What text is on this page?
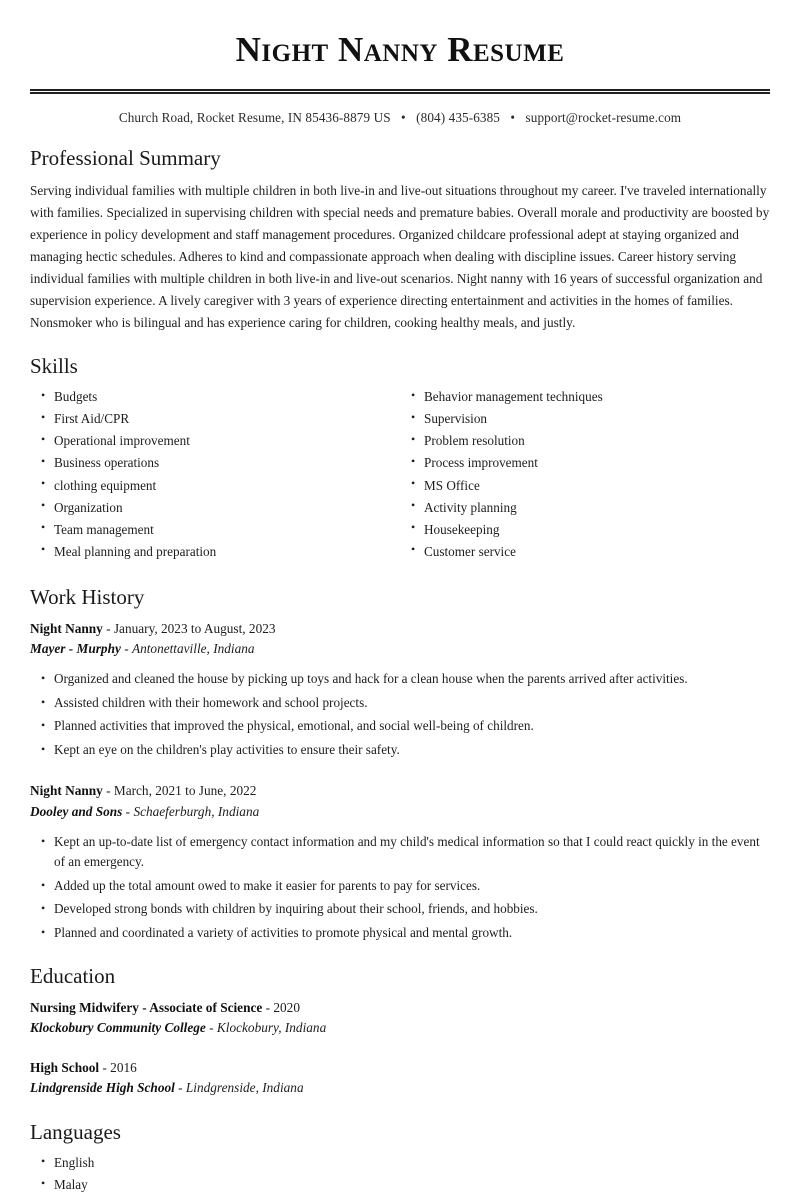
Night Nanny Resume
Church Road, Rocket Resume, IN 85436-8879 US • (804) 435-6385 • support@rocket-resume.com
Professional Summary

Serving individual families with multiple children in both live-in and live-out situations throughout my career. I've traveled internationally with families. Specialized in supervising children with special needs and premature babies. Overall morale and productivity are boosted by experience in policy development and staff management procedures. Organized childcare professional adept at staying organized and managing hectic schedules. Adheres to kind and compassionate approach when dealing with discipline issues. Career history serving individual families with multiple children in both live-in and live-out scenarios. Night nanny with 16 years of successful organization and supervision experience. A lively caregiver with 3 years of experience directing entertainment and activities in the homes of families. Nonsmoker who is bilingual and has experience caring for children, cooking healthy meals, and justly.

Skills
• Budgets
• First Aid/CPR
• Operational improvement
• Business operations
• clothing equipment
• Organization
• Team management
• Meal planning and preparation
• Behavior management techniques
• Supervision
• Problem resolution
• Process improvement
• MS Office
• Activity planning
• Housekeeping
• Customer service
Work History
Night Nanny - January, 2023 to August, 2023
Mayer - Murphy - Antonettaville, Indiana
• Organized and cleaned the house by picking up toys and hack for a clean house when the parents arrived after activities.
• Assisted children with their homework and school projects.
• Planned activities that improved the physical, emotional, and social well-being of children.
• Kept an eye on the children's play activities to ensure their safety.
Night Nanny - March, 2021 to June, 2022
Dooley and Sons - Schaeferburgh, Indiana
• Kept an up-to-date list of emergency contact information and my child's medical information so that I could react quickly in the event of an emergency.
• Added up the total amount owed to make it easier for parents to pay for services.
• Developed strong bonds with children by inquiring about their school, friends, and hobbies.
• Planned and coordinated a variety of activities to promote physical and mental growth.
Education
Nursing Midwifery - Associate of Science - 2020
Klockobury Community College - Klockobury, Indiana
High School - 2016
Lindgrenside High School - Lindgrenside, Indiana
Languages
• English
• Malay
